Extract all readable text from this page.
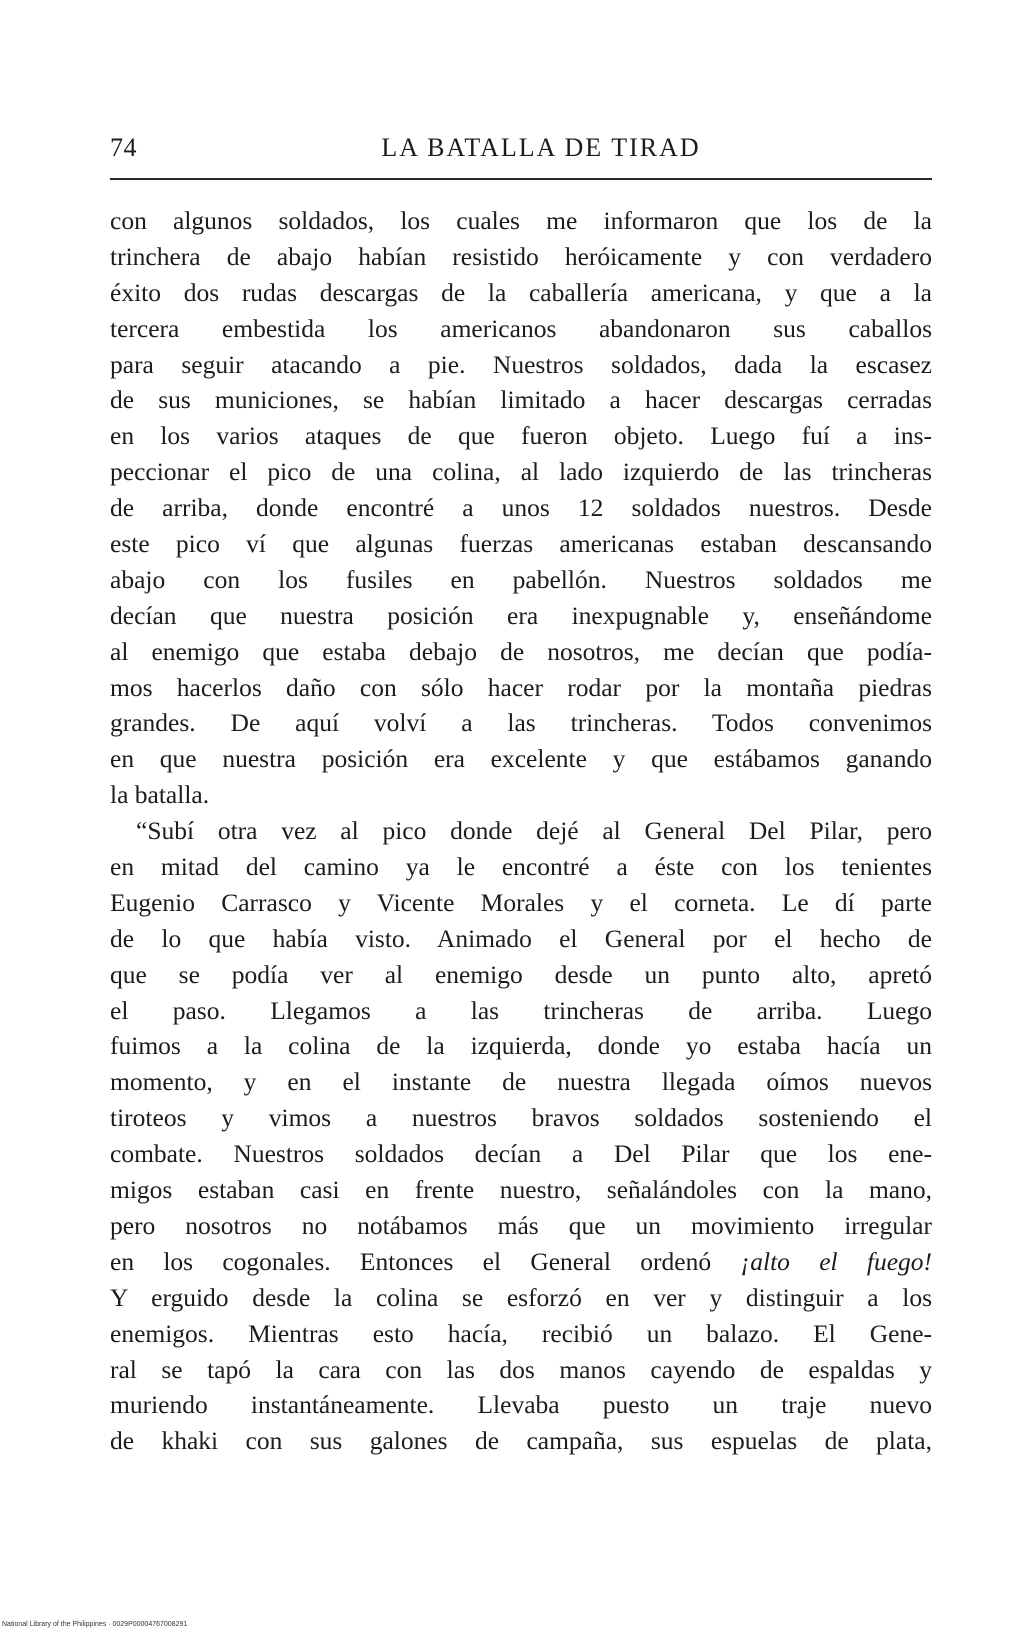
74	LA BATALLA DE TIRAD
con algunos soldados, los cuales me informaron que los de la
trinchera de abajo habían resistido heróicamente y con verdadero
éxito dos rudas descargas de la caballería americana, y que a la
tercera embestida los americanos abandonaron sus caballos
para seguir atacando a pie. Nuestros soldados, dada la escasez
de sus municiones, se habían limitado a hacer descargas cerradas
en los varios ataques de que fueron objeto. Luego fuí a ins-
peccionar el pico de una colina, al lado izquierdo de las trincheras
de arriba, donde encontré a unos 12 soldados nuestros. Desde
este pico ví que algunas fuerzas americanas estaban descansando
abajo con los fusiles en pabellón. Nuestros soldados me
decían que nuestra posición era inexpugnable y, enseñándome
al enemigo que estaba debajo de nosotros, me decían que podía-
mos hacerlos daño con sólo hacer rodar por la montaña piedras
grandes. De aquí volví a las trincheras. Todos convenimos
en que nuestra posición era excelente y que estábamos ganando
la batalla.
“Subí otra vez al pico donde dejé al General Del Pilar, pero
en mitad del camino ya le encontré a éste con los tenientes
Eugenio Carrasco y Vicente Morales y el corneta. Le dí parte
de lo que había visto. Animado el General por el hecho de
que se podía ver al enemigo desde un punto alto, apretó
el paso. Llegamos a las trincheras de arriba. Luego
fuimos a la colina de la izquierda, donde yo estaba hacía un
momento, y en el instante de nuestra llegada oímos nuevos
tiroteos y vimos a nuestros bravos soldados sosteniendo el
combate. Nuestros soldados decían a Del Pilar que los ene-
migos estaban casi en frente nuestro, señalándoles con la mano,
pero nosotros no notábamos más que un movimiento irregular
en los cogonales. Entonces el General ordenó ¡alto el fuego!
Y erguido desde la colina se esforzó en ver y distinguir a los
enemigos. Mientras esto hacía, recibió un balazo. El Gene-
ral se tapó la cara con las dos manos cayendo de espaldas y
muriendo instantáneamente. Llevaba puesto un traje nuevo
de khaki con sus galones de campaña, sus espuelas de plata,
National Library of the Philippines · 0029P00004767008291
